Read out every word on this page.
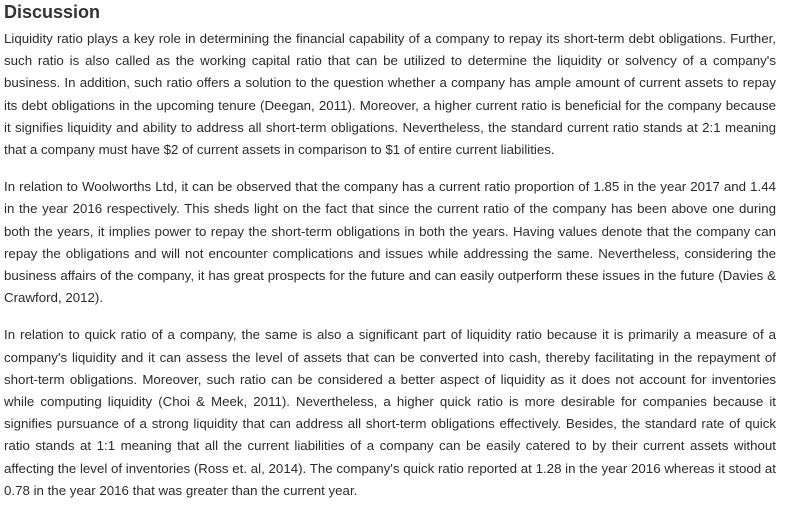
Discussion

Liquidity ratio plays a key role in determining the financial capability of a company to repay its short-term debt obligations. Further, such ratio is also called as the working capital ratio that can be utilized to determine the liquidity or solvency of a company's business. In addition, such ratio offers a solution to the question whether a company has ample amount of current assets to repay its debt obligations in the upcoming tenure (Deegan, 2011). Moreover, a higher current ratio is beneficial for the company because it signifies liquidity and ability to address all short-term obligations. Nevertheless, the standard current ratio stands at 2:1 meaning that a company must have $2 of current assets in comparison to $1 of entire current liabilities.

In relation to Woolworths Ltd, it can be observed that the company has a current ratio proportion of 1.85 in the year 2017 and 1.44 in the year 2016 respectively. This sheds light on the fact that since the current ratio of the company has been above one during both the years, it implies power to repay the short-term obligations in both the years. Having values denote that the company can repay the obligations and will not encounter complications and issues while addressing the same. Nevertheless, considering the business affairs of the company, it has great prospects for the future and can easily outperform these issues in the future (Davies & Crawford, 2012).

In relation to quick ratio of a company, the same is also a significant part of liquidity ratio because it is primarily a measure of a company's liquidity and it can assess the level of assets that can be converted into cash, thereby facilitating in the repayment of short-term obligations. Moreover, such ratio can be considered a better aspect of liquidity as it does not account for inventories while computing liquidity (Choi & Meek, 2011). Nevertheless, a higher quick ratio is more desirable for companies because it signifies pursuance of a strong liquidity that can address all short-term obligations effectively. Besides, the standard rate of quick ratio stands at 1:1 meaning that all the current liabilities of a company can be easily catered to by their current assets without affecting the level of inventories (Ross et. al, 2014). The company's quick ratio reported at 1.28 in the year 2016 whereas it stood at 0.78 in the year 2016 that was greater than the current year.
